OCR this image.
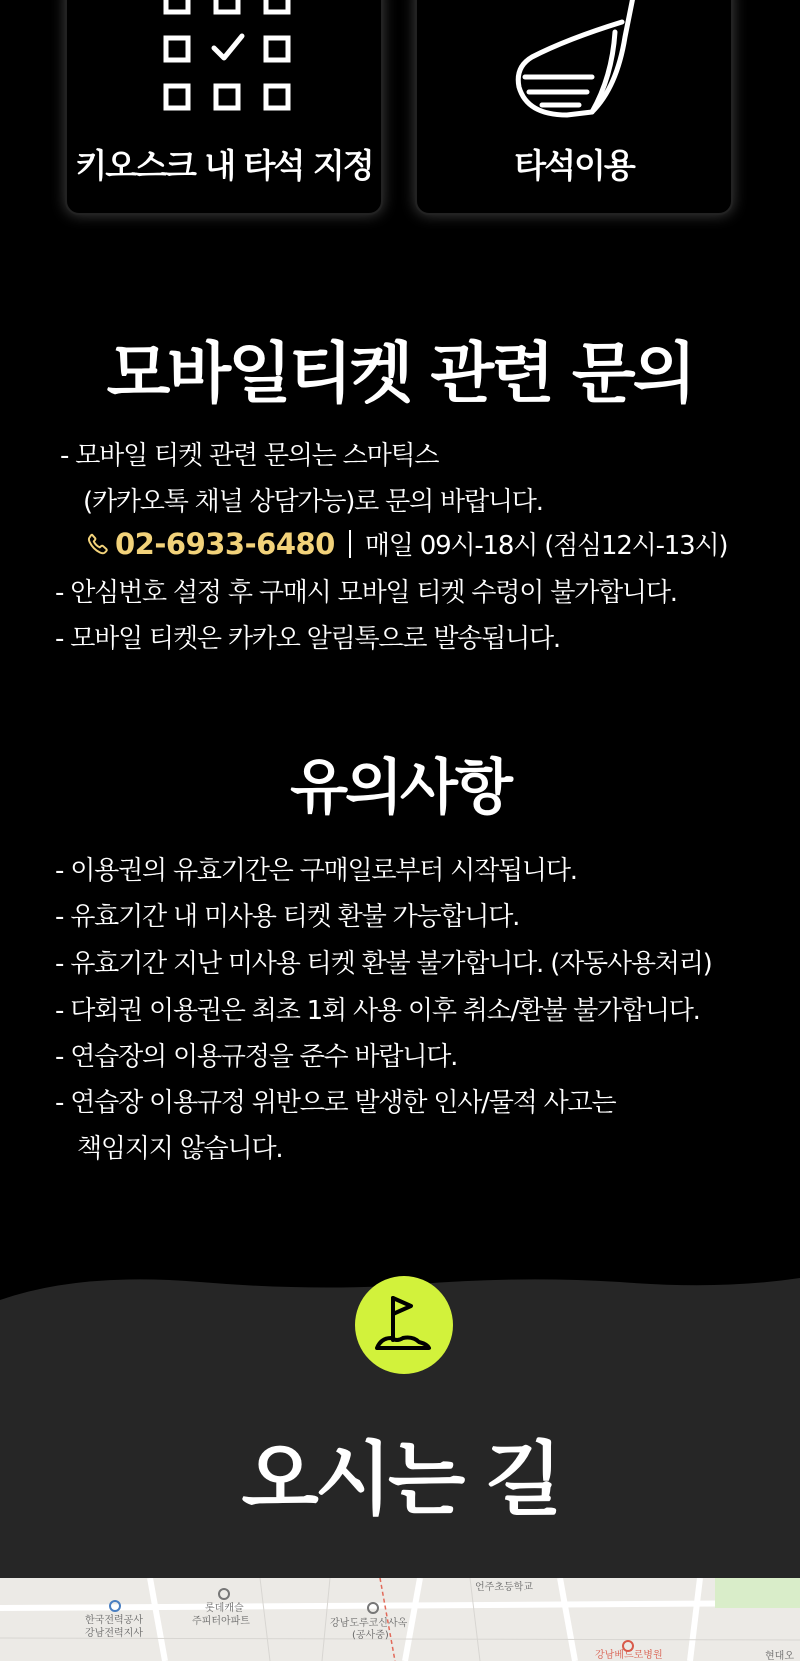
키오스크 내 타석 지정	타석이용
모바일티켓 관련 문의
- 모바일 티켓 관련 문의는 스마틱스
(카카오톡 채널 상담가능)로 문의 바랍니다.
02-6933-6480 매일 09시-18시 (점심12시-13시)
- 안심번호 설정 후 구매시 모바일 티켓 수령이 불가합니다.
- 모바일 티켓은 카카오 알림톡으로 발송됩니다.
유의사항
- 이용권의 유효기간은 구매일로부터 시작됩니다.
- 유효기간 내 미사용 티켓 환불 가능합니다.
- 유효기간 지난 미사용 티켓 환불 불가합니다. (자동사용처리)
- 다회권 이용권은 최초 1회 사용 이후 취소/환불 불가합니다.
- 연습장의 이용규정을 준수 바랍니다.
- 연습장 이용규정 위반으로 발생한 인사/물적 사고는
책임지지 않습니다.
오시는 길
한국전력공사
강남전력지사
롯데캐슬
주피터아파트	강남도루코신사옥
(공사중)
언주초등학교
강남베드로병원	현대오
